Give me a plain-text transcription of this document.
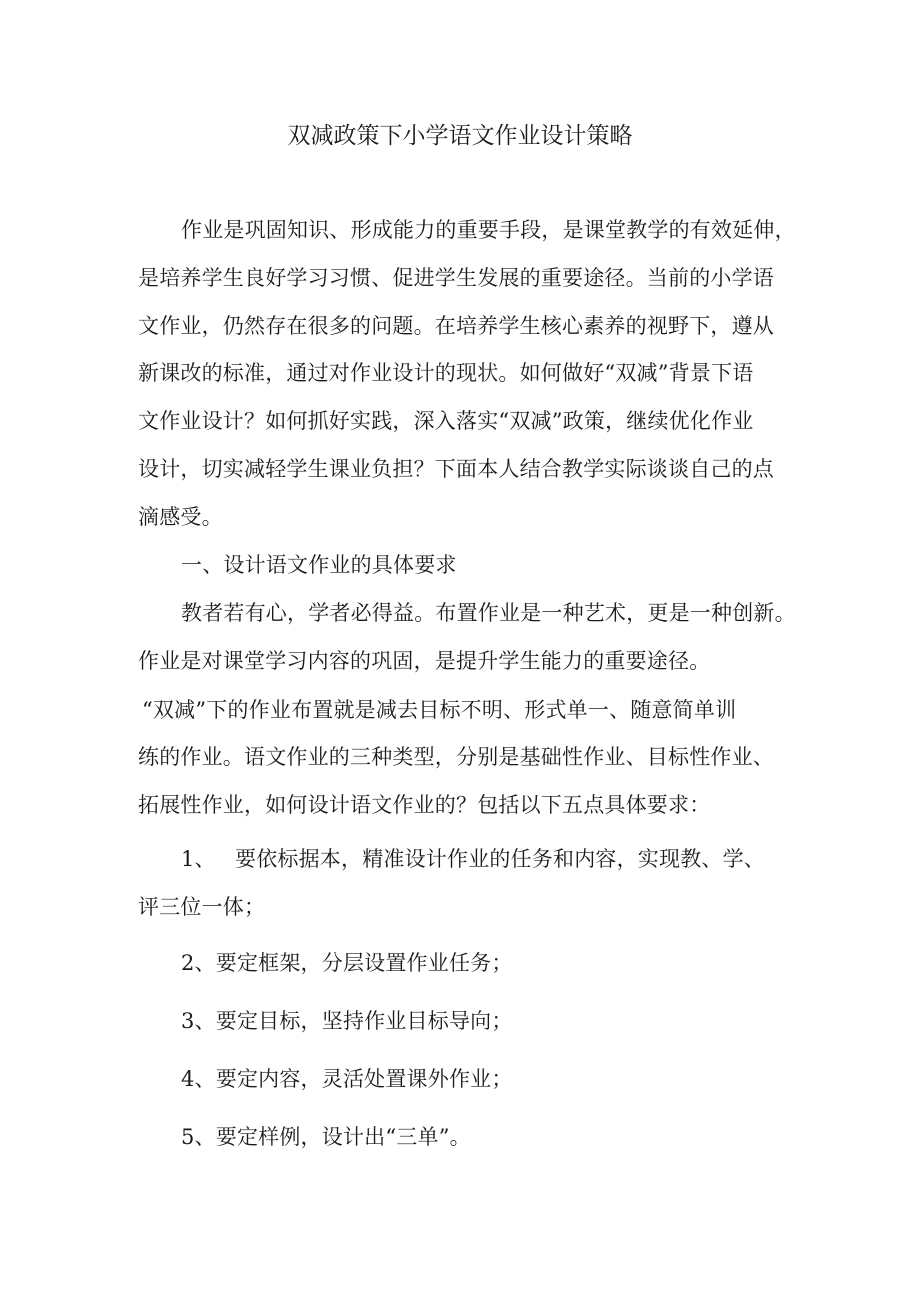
双减政策下小学语文作业设计策略
作业是巩固知识、形成能力的重要手段，是课堂教学的有效延伸，
是培养学生良好学习习惯、促进学生发展的重要途径。当前的小学语
文作业，仍然存在很多的问题。在培养学生核心素养的视野下，遵从
新课改的标准，通过对作业设计的现状。如何做好“双减”背景下语
文作业设计？如何抓好实践，深入落实“双减”政策，继续优化作业
设计，切实减轻学生课业负担？下面本人结合教学实际谈谈自己的点
滴感受。
一、设计语文作业的具体要求
教者若有心，学者必得益。布置作业是一种艺术，更是一种创新。
作业是对课堂学习内容的巩固，是提升学生能力的重要途径。
“双减”下的作业布置就是减去目标不明、形式单一、随意简单训
练的作业。语文作业的三种类型，分别是基础性作业、目标性作业、
拓展性作业，如何设计语文作业的？包括以下五点具体要求：
1、 要依标据本，精准设计作业的任务和内容，实现教、学、
评三位一体；
2、要定框架，分层设置作业任务；
3、要定目标，坚持作业目标导向；
4、要定内容，灵活处置课外作业；
5、要定样例，设计出“三单”。
